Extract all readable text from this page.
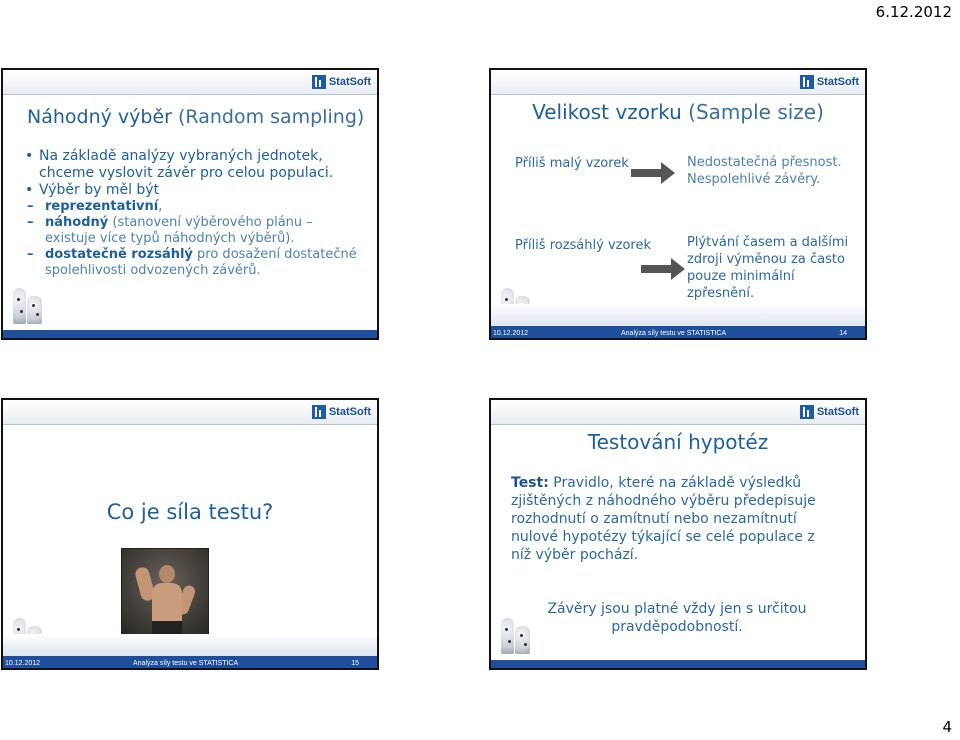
6.12.2012
StatSoft
Náhodný výběr (Random sampling)
• Na základě analýzy vybraných jednotek, chceme vyslovit závěr pro celou populaci.
• Výběr by měl být
– reprezentativní,
– náhodný (stanovení výběrového plánu – existuje více typů náhodných výběrů).
– dostatečně rozsáhlý pro dosažení dostatečné spolehlivosti odvozených závěrů.
StatSoft
Velikost vzorku (Sample size)
Příliš malý vzorek	Nedostatečná přesnost. Nespolehlivé závěry.
Příliš rozsáhlý vzorek	Plýtvání časem a dalšími zdroji výměnou za často pouze minimální zpřesnění.
10.12.2012	Analýza síly testu ve STATISTICA	14
StatSoft
Co je síla testu?
10.12.2012	Analýza síly testu ve STATISTICA	15
StatSoft
Testování hypotéz
Test: Pravidlo, které na základě výsledků zjištěných z náhodného výběru předepisuje rozhodnutí o zamítnutí nebo nezamítnutí nulové hypotézy týkající se celé populace z níž výběr pochází.
Závěry jsou platné vždy jen s určitou pravděpodobností.
4
